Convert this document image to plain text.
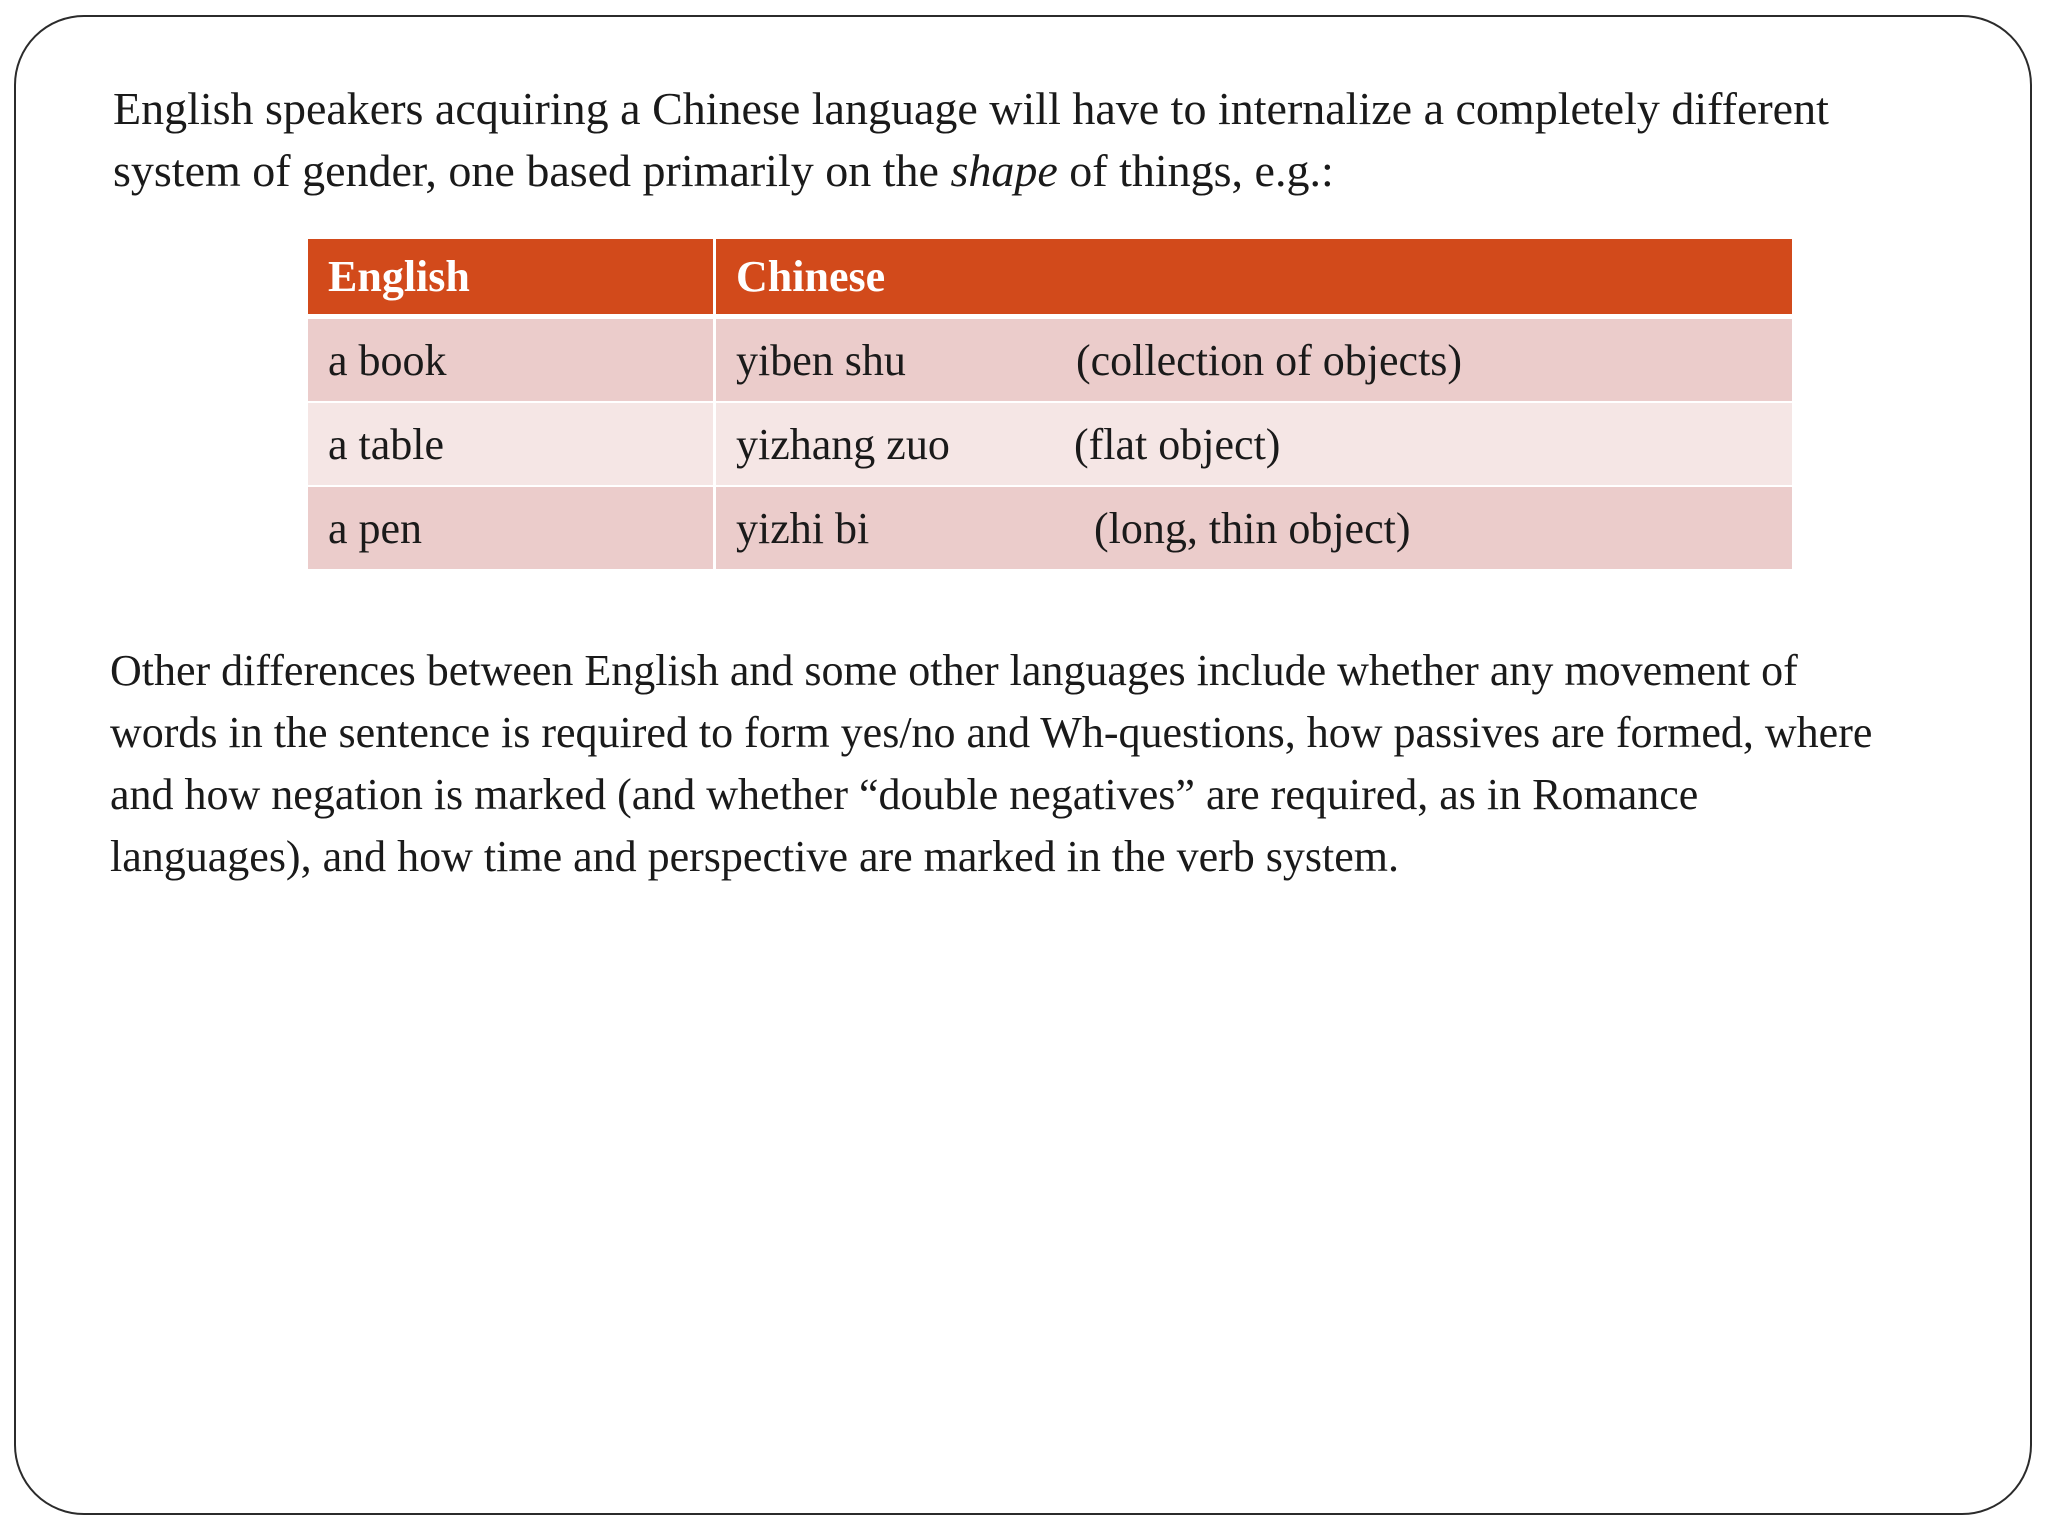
English speakers acquiring a Chinese language will have to internalize a completely different system of gender, one based primarily on the shape of things, e.g.:

English	Chinese
a book	yiben shu (collection of objects)

a table	yizhang zuo (flat object)

a pen	yizhi bi (long, thin object)

Other differences between English and some other languages include whether any movement of words in the sentence is required to form yes/no and Wh-questions, how passives are formed, where and how negation is marked (and whether “double negatives” are required, as in Romance languages), and how time and perspective are marked in the verb system.
